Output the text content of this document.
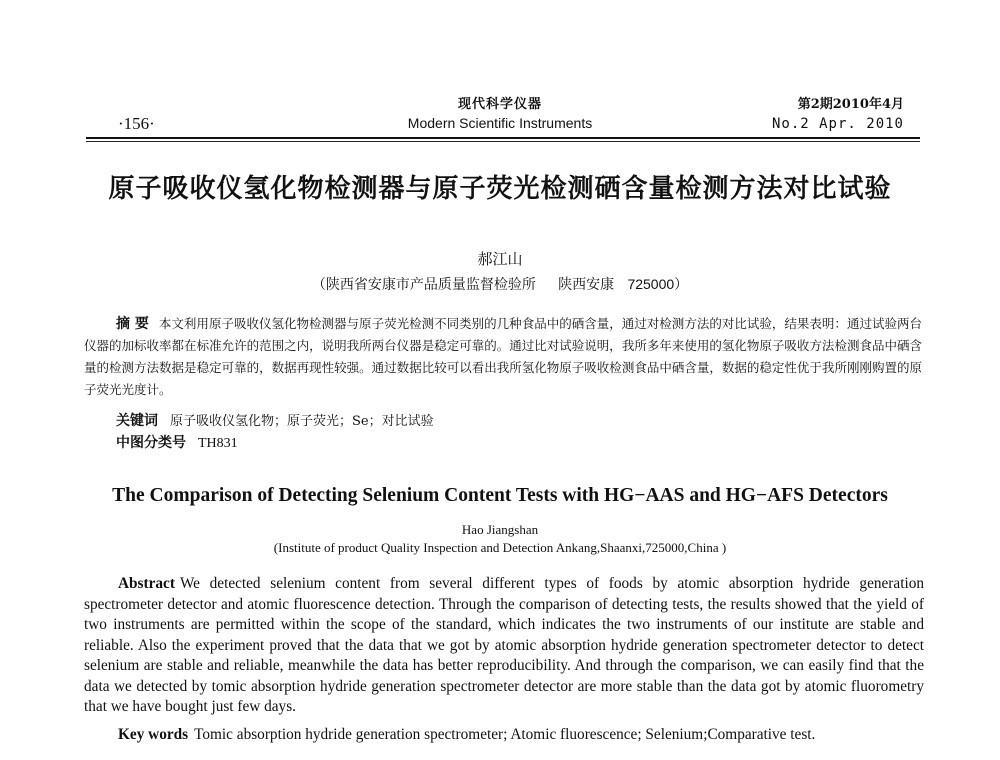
·156·
现代科学仪器
Modern Scientific Instruments
第2期2010年4月
No.2 Apr. 2010
原子吸收仪氢化物检测器与原子荧光检测硒含量检测方法对比试验
郝江山
（陕西省安康市产品质量监督检验所 陕西安康 725000）
摘 要 本文利用原子吸收仪氢化物检测器与原子荧光检测不同类别的几种食品中的硒含量，通过对检测方法的对比试验，结果表明：通过试验两台仪器的加标收率都在标准允许的范围之内，说明我所两台仪器是稳定可靠的。通过比对试验说明，我所多年来使用的氢化物原子吸收方法检测食品中硒含量的检测方法数据是稳定可靠的，数据再现性较强。通过数据比较可以看出我所氢化物原子吸收检测食品中硒含量，数据的稳定性优于我所刚刚购置的原子荧光光度计。
关键词 原子吸收仪氢化物；原子荧光；Se；对比试验
中图分类号 TH831
The Comparison of Detecting Selenium Content Tests with HG−AAS and HG−AFS Detectors
Hao Jiangshan
(Institute of product Quality Inspection and Detection Ankang,Shaanxi,725000,China )
Abstract We detected selenium content from several different types of foods by atomic absorption hydride generation spectrometer detector and atomic fluorescence detection. Through the comparison of detecting tests, the results showed that the yield of two instruments are permitted within the scope of the standard, which indicates the two instruments of our institute are stable and reliable. Also the experiment proved that the data that we got by atomic absorption hydride generation spectrometer detector to detect selenium are stable and reliable, meanwhile the data has better reproducibility. And through the comparison, we can easily find that the data we detected by tomic absorption hydride generation spectrometer detector are more stable than the data got by atomic fluorometry that we have bought just few days.
Key words Tomic absorption hydride generation spectrometer; Atomic fluorescence; Selenium;Comparative test.
